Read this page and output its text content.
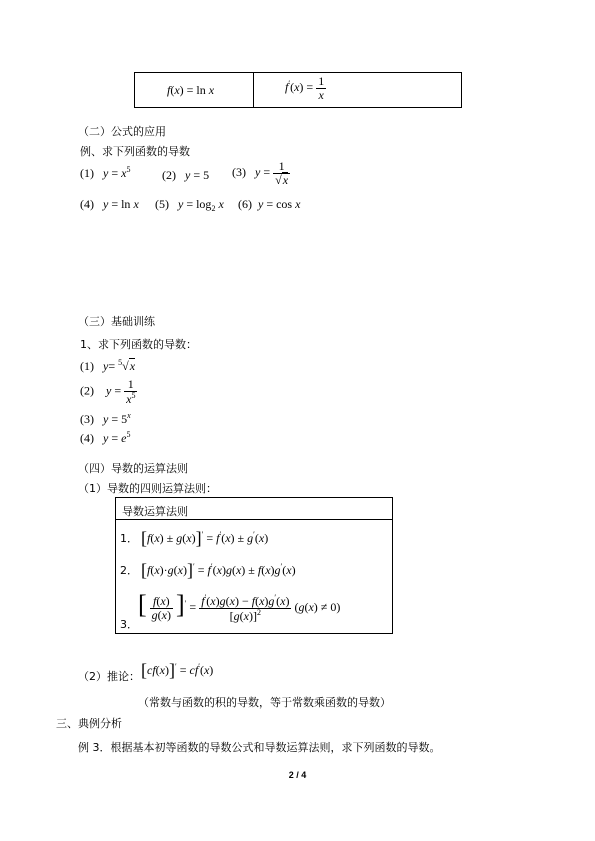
f(x) = ln x	$f'(x) = \frac{1}{x}$
（二）公式的应用
例、求下列函数的导数
(1) $y = x^5$	(2) y = 5 (3) $y = \frac{1}{√x}$
(4) y = ln x (5) $y = \log_2 x$ (6) y = cos x
（三）基础训练
1、求下列函数的导数：
(1) y= $^5$√x
(2) $y = \frac{1}{x^5}$
(3) $y = 5^x$
(4) $y = e^5$
（四）导数的运算法则
（1）导数的四则运算法则：
导数运算法则
1． [f(x) ± g(x)]′ = f′(x) ± g′(x)
2． [f(x)·g(x)]′ = f′(x)g(x) ± f(x)g′(x)
3．
[ $\frac{f(x)}{g(x)} ]' = \frac{f'(x)g(x) - f(x)g'(x)}{[g(x)]^2} (g(x) \ne 0)$
（2）推论： [cf(x)]′ = cf′(x)
（常数与函数的积的导数，等于常数乘函数的导数）
三、典例分析
例 3．根据基本初等函数的导数公式和导数运算法则，求下列函数的导数。
2 / 4
